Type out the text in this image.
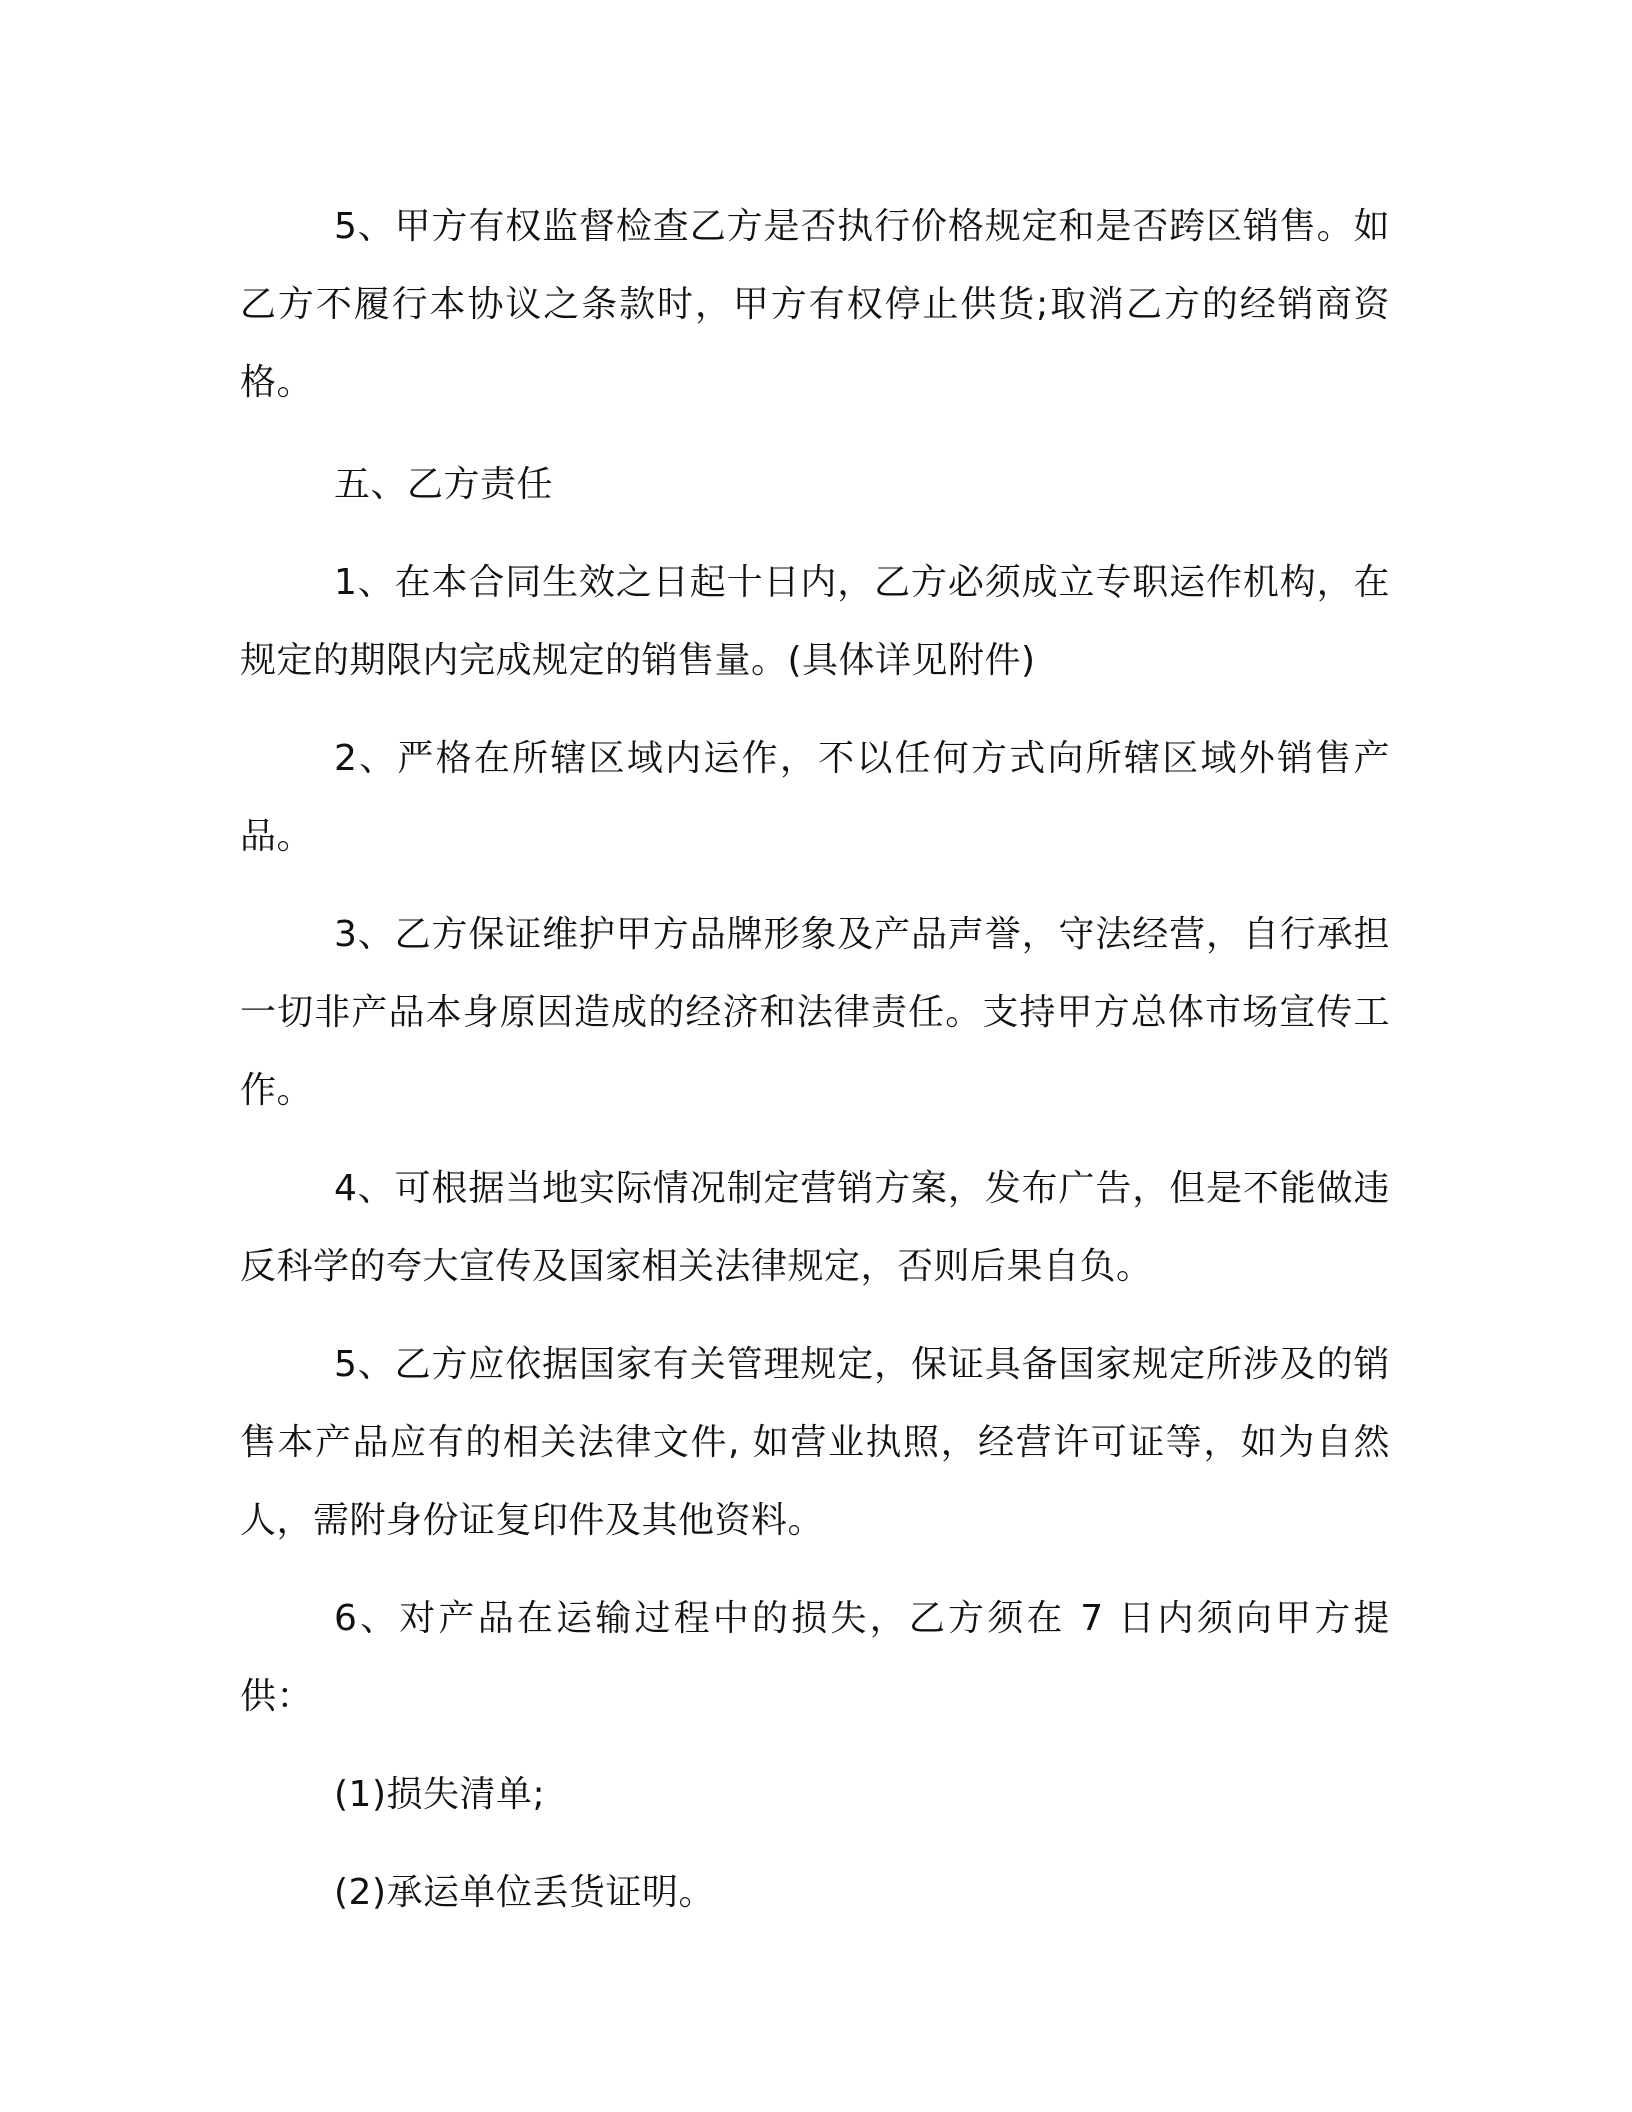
5、甲方有权监督检查乙方是否执行价格规定和是否跨区销售。如乙方不履行本协议之条款时，甲方有权停止供货;取消乙方的经销商资格。

五、乙方责任

1、在本合同生效之日起十日内，乙方必须成立专职运作机构，在规定的期限内完成规定的销售量。(具体详见附件)

2、严格在所辖区域内运作，不以任何方式向所辖区域外销售产品。

3、乙方保证维护甲方品牌形象及产品声誉，守法经营，自行承担一切非产品本身原因造成的经济和法律责任。支持甲方总体市场宣传工作。

4、可根据当地实际情况制定营销方案，发布广告，但是不能做违反科学的夸大宣传及国家相关法律规定，否则后果自负。

5、乙方应依据国家有关管理规定，保证具备国家规定所涉及的销售本产品应有的相关法律文件, 如营业执照，经营许可证等，如为自然人，需附身份证复印件及其他资料。

6、对产品在运输过程中的损失，乙方须在 7 日内须向甲方提供：

(1)损失清单;

(2)承运单位丢货证明。
